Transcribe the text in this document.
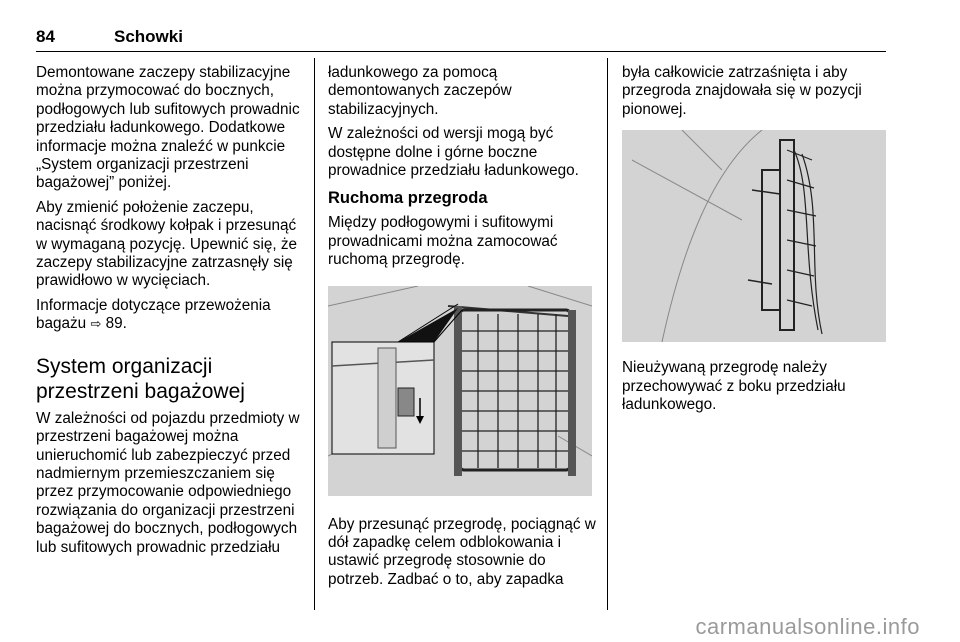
84	Schowki

Demontowane zaczepy stabilizacyjne można przymocować do bocznych, podłogowych lub sufitowych prowadnic przedziału ładunkowego. Dodatkowe informacje można znaleźć w punkcie „System organizacji przestrzeni bagażowej” poniżej.

Aby zmienić położenie zaczepu, nacisnąć środkowy kołpak i przesunąć w wymaganą pozycję. Upewnić się, że zaczepy stabilizacyjne zatrzasnęły się prawidłowo w wycięciach.

Informacje dotyczące przewożenia bagażu ⇨ 89.

System organizacji przestrzeni bagażowej

W zależności od pojazdu przedmioty w przestrzeni bagażowej można unieruchomić lub zabezpieczyć przed nadmiernym przemieszczaniem się przez przymocowanie odpowiedniego rozwiązania do organizacji przestrzeni bagażowej do bocznych, podłogowych lub sufitowych prowadnic przedziału

ładunkowego za pomocą demontowanych zaczepów stabilizacyjnych.

W zależności od wersji mogą być dostępne dolne i górne boczne prowadnice przedziału ładunkowego.

Ruchoma przegroda

Między podłogowymi i sufitowymi prowadnicami można zamocować ruchomą przegrodę.

Aby przesunąć przegrodę, pociągnąć w dół zapadkę celem odblokowania i ustawić przegrodę stosownie do potrzeb. Zadbać o to, aby zapadka

była całkowicie zatrzaśnięta i aby przegroda znajdowała się w pozycji pionowej.

Nieużywaną przegrodę należy przechowywać z boku przedziału ładunkowego.

carmanualsonline.info
